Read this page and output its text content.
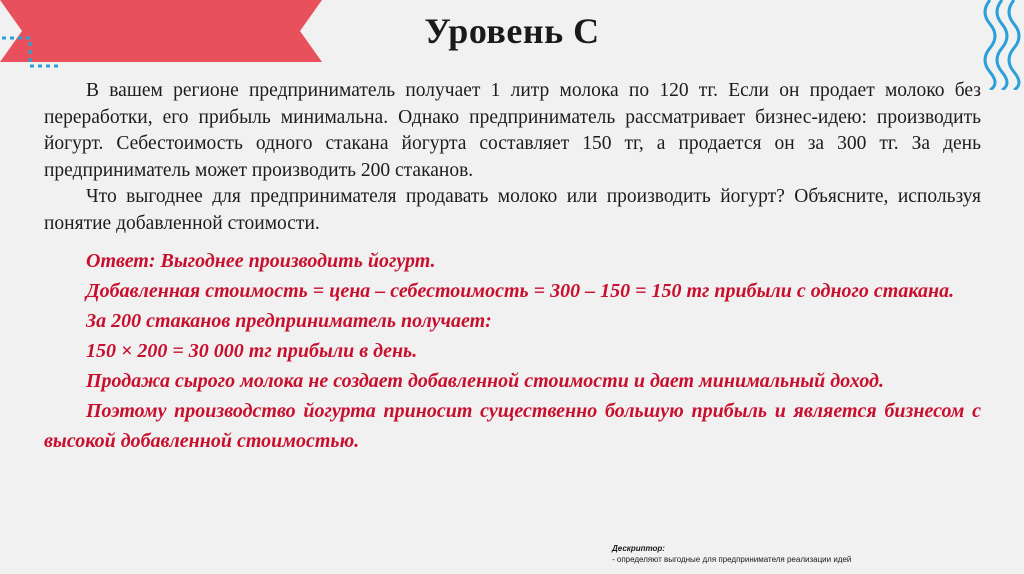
Уровень С

В вашем регионе предприниматель получает 1 литр молока по 120 тг. Если он продает молоко без переработки, его прибыль минимальна. Однако предприниматель рассматривает бизнес-идею: производить йогурт. Себестоимость одного стакана йогурта составляет 150 тг, а продается он за 300 тг. За день предприниматель может производить 200 стаканов.

Что выгоднее для предпринимателя продавать молоко или производить йогурт? Объясните, используя понятие добавленной стоимости.

Ответ: Выгоднее производить йогурт.

Добавленная стоимость = цена – себестоимость = 300 – 150 = 150 тг прибыли с одного стакана.

За 200 стаканов предприниматель получает:

150 × 200 = 30 000 тг прибыли в день.

Продажа сырого молока не создает добавленной стоимости и дает минимальный доход.

Поэтому производство йогурта приносит существенно большую прибыль и является бизнесом с высокой добавленной стоимостью.

Дескриптор:
- определяют выгодные для предпринимателя реализации идей
